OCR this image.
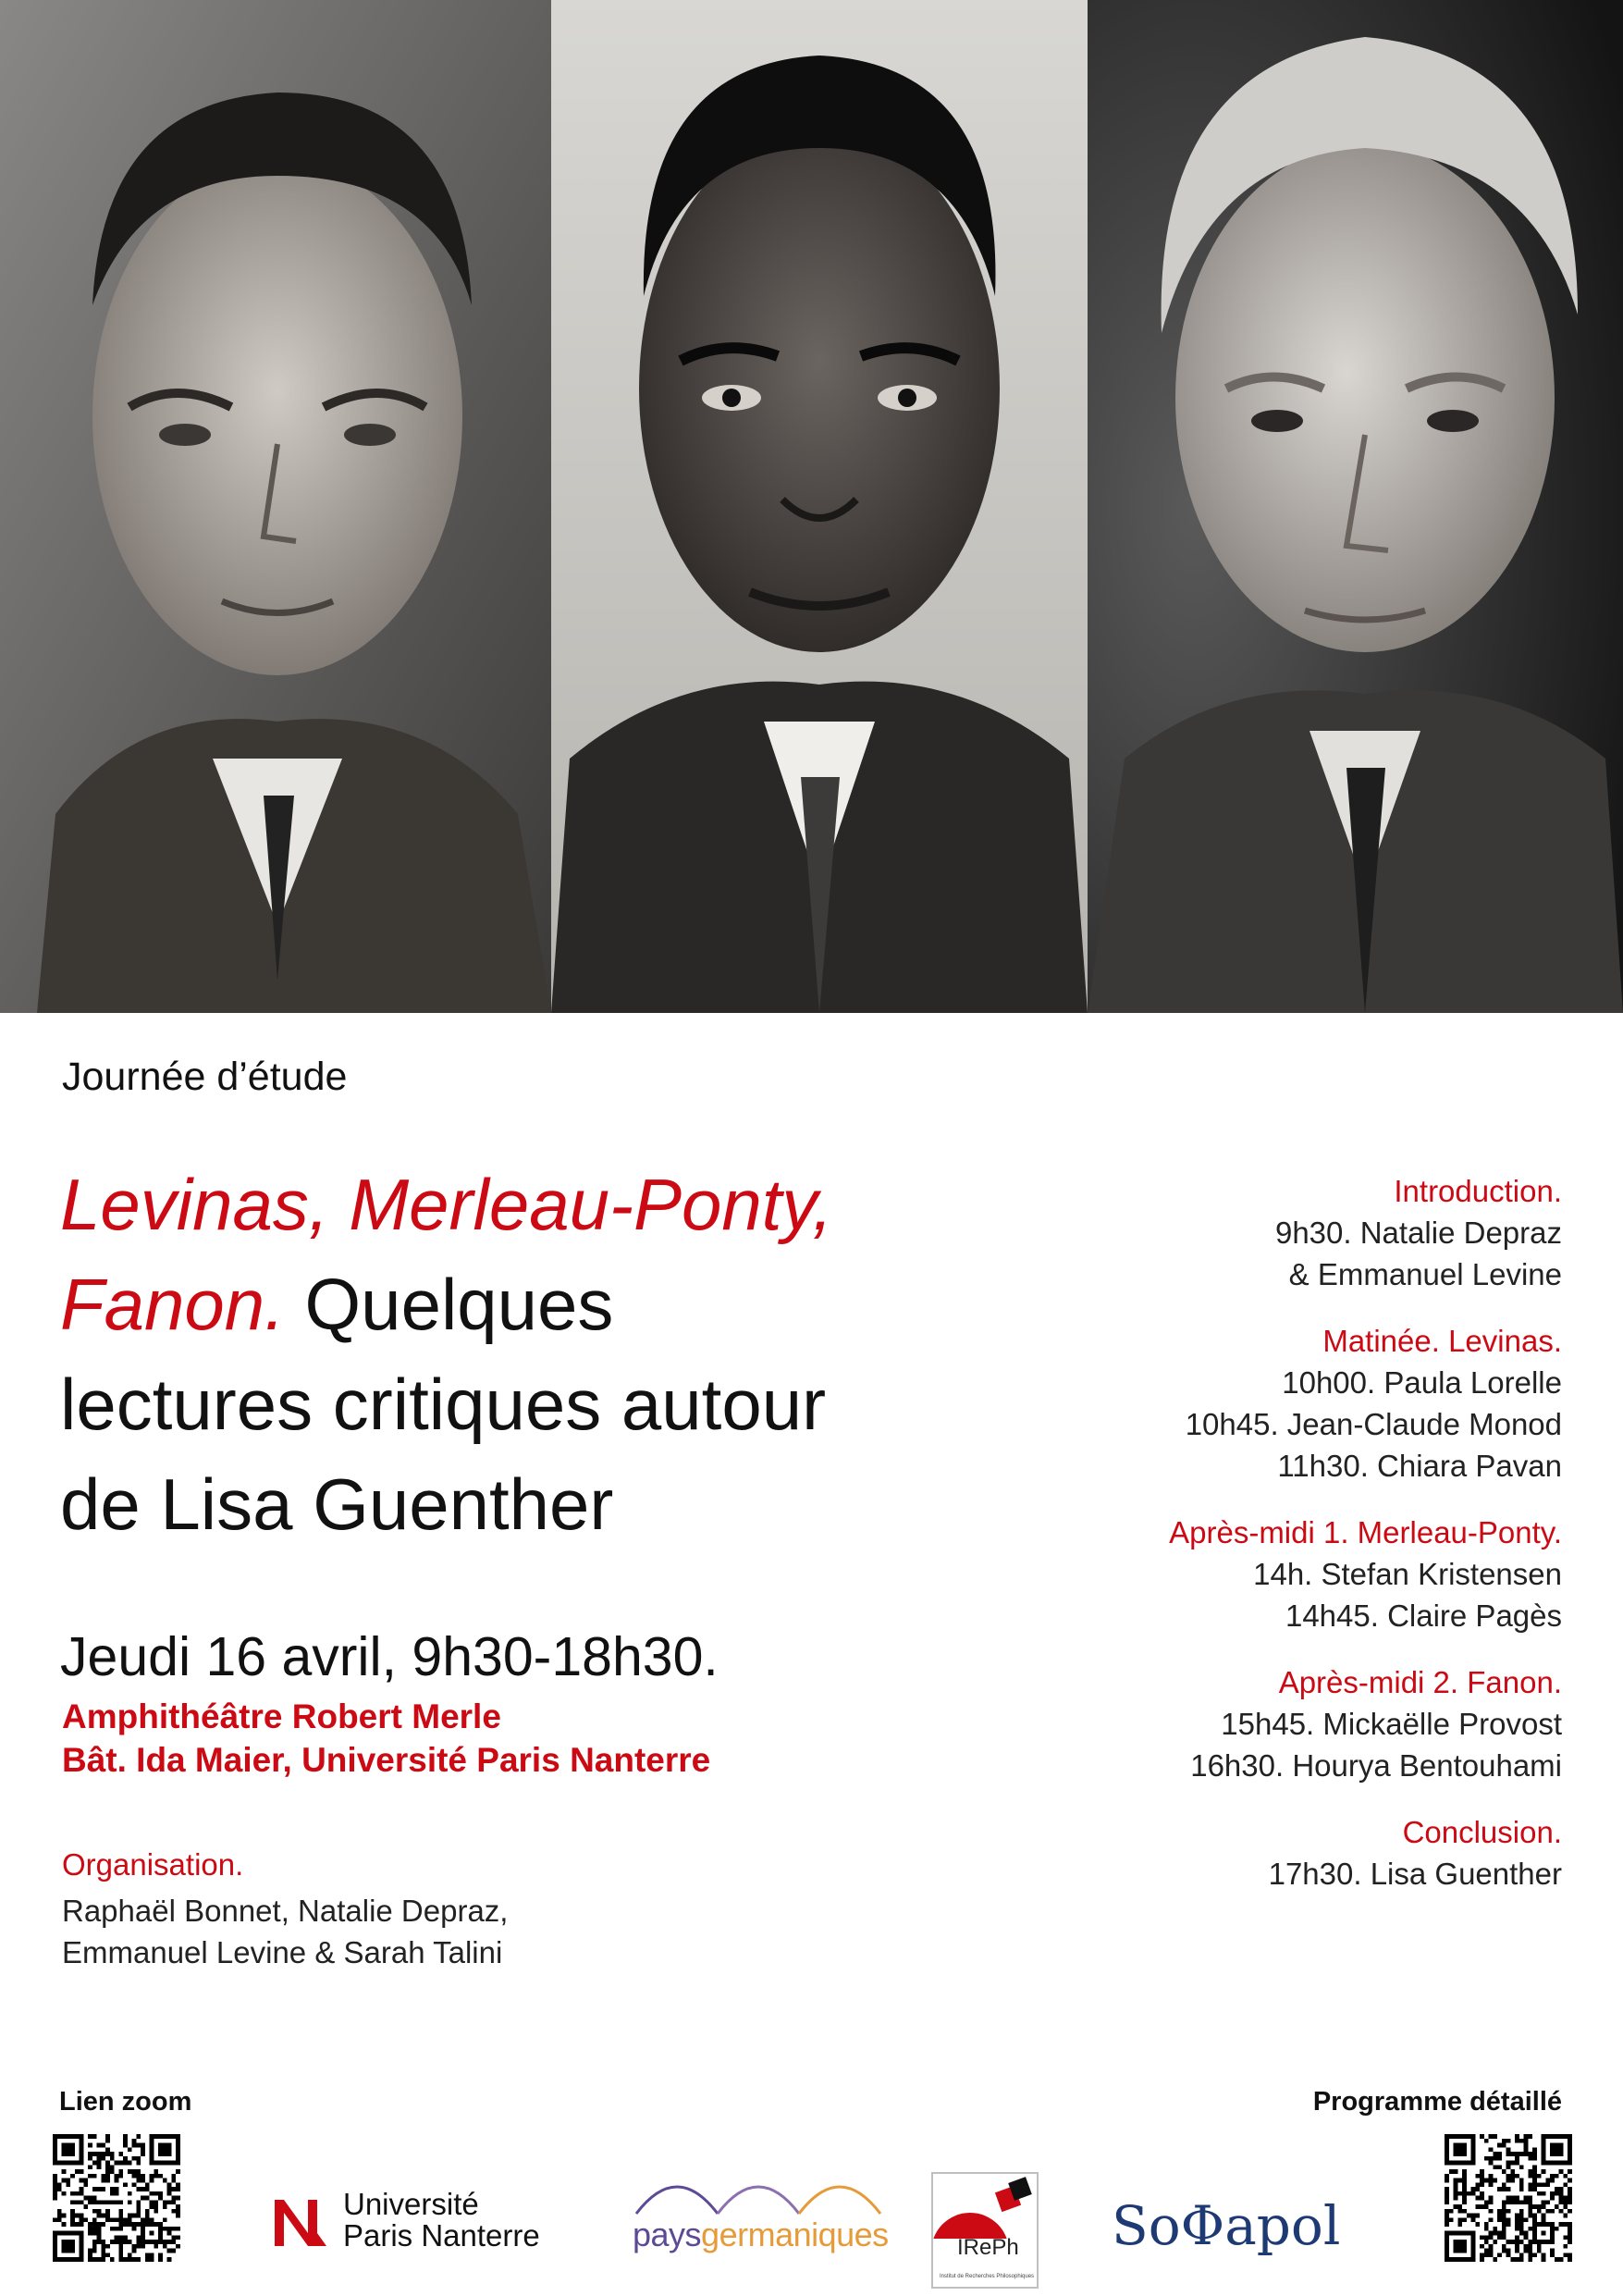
Journée d’étude
Levinas, Merleau-Ponty,
Fanon. Quelques
lectures critiques autour
de Lisa Guenther
Jeudi 16 avril, 9h30-18h30.
Amphithéâtre Robert Merle
Bât. Ida Maier, Université Paris Nanterre
Organisation.
Raphaël Bonnet, Natalie Depraz,
Emmanuel Levine & Sarah Talini
Introduction.
9h30. Natalie Depraz
& Emmanuel Levine
Matinée. Levinas.
10h00. Paula Lorelle
10h45. Jean-Claude Monod
11h30. Chiara Pavan
Après-midi 1. Merleau-Ponty.
14h. Stefan Kristensen
14h45. Claire Pagès
Après-midi 2. Fanon.
15h45. Mickaëlle Provost
16h30. Hourya Bentouhami
Conclusion.
17h30. Lisa Guenther
Lien zoom	Programme détaillé
Université
Paris Nanterre	paysgermaniques	IRePh
Institut de Recherches Philosophiques
SoΦapol
